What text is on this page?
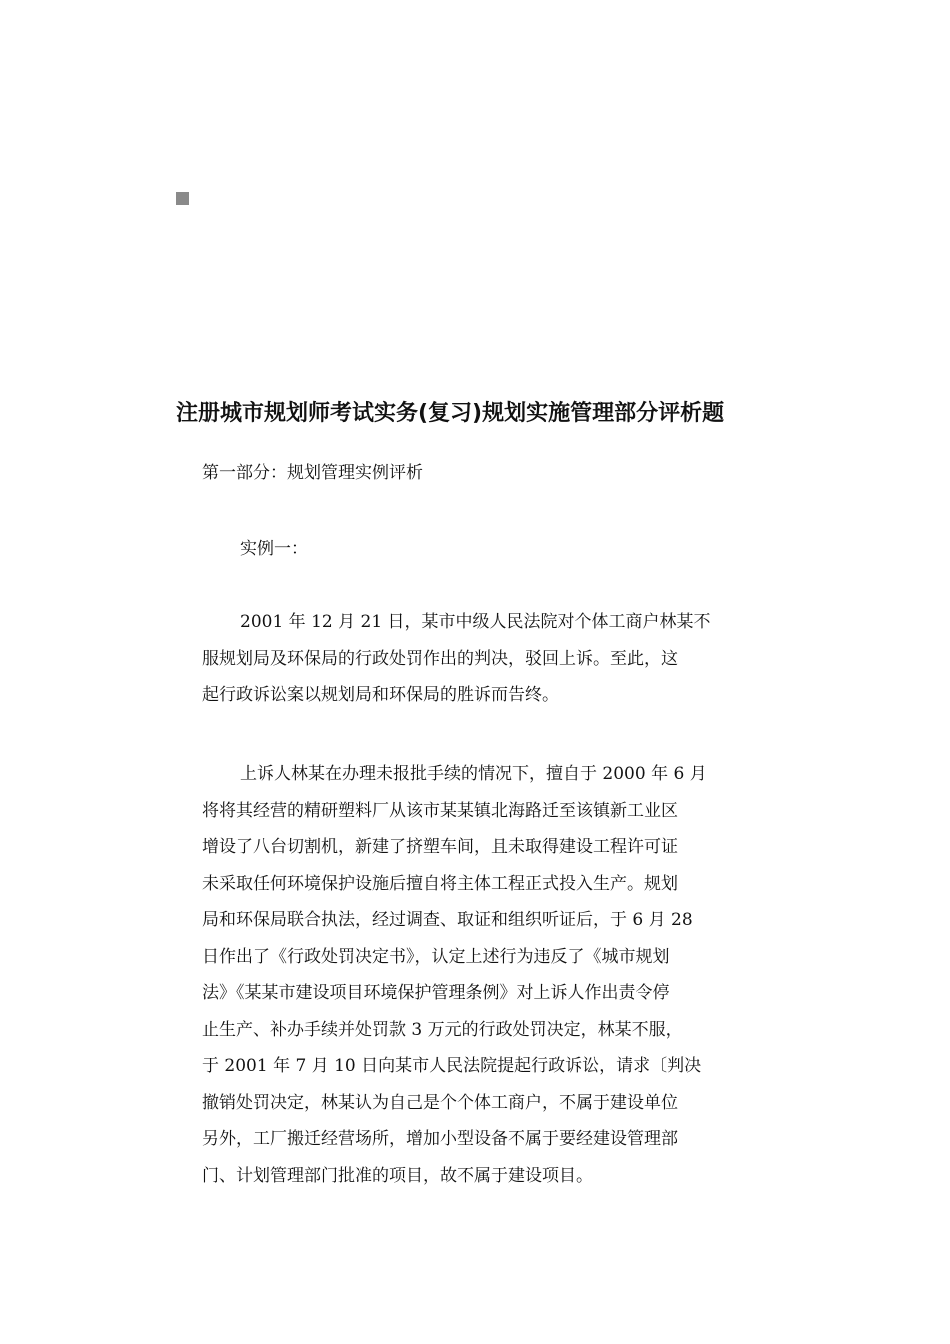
注册城市规划师考试实务(复习)规划实施管理部分评析题

第一部分：规划管理实例评析

实例一：

2001 年 12 月 21 日，某市中级人民法院对个体工商户林某不
服规划局及环保局的行政处罚作出的判决，驳回上诉。至此，这
起行政诉讼案以规划局和环保局的胜诉而告终。
上诉人林某在办理未报批手续的情况下，擅自于 2000 年 6 月
将将其经营的精研塑料厂从该市某某镇北海路迁至该镇新工业区
增设了八台切割机，新建了挤塑车间，且未取得建设工程许可证
未采取任何环境保护设施后擅自将主体工程正式投入生产。规划
局和环保局联合执法，经过调查、取证和组织听证后，于 6 月 28
日作出了《行政处罚决定书》，认定上述行为违反了《城市规划
法》《某某市建设项目环境保护管理条例》对上诉人作出责令停
止生产、补办手续并处罚款 3 万元的行政处罚决定，林某不服，
于 2001 年 7 月 10 日向某市人民法院提起行政诉讼，请求〔判决
撤销处罚决定，林某认为自己是个个体工商户，不属于建设单位
另外，工厂搬迁经营场所，增加小型设备不属于要经建设管理部
门、计划管理部门批准的项目，故不属于建设项目。
